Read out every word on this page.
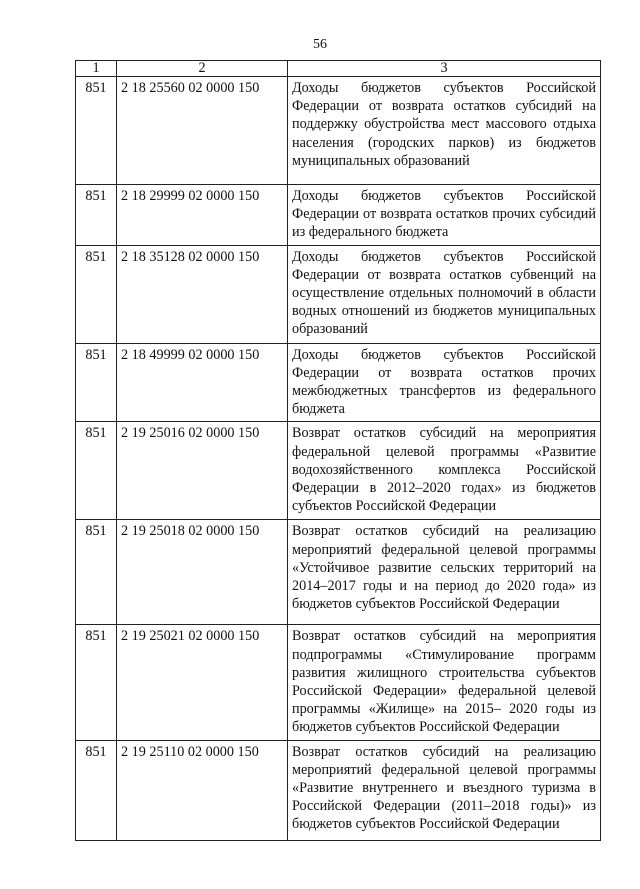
56
1	2	3
851	2 18 25560 02 0000 150	Доходы бюджетов субъектов Российской Федерации от возврата остатков субсидий на поддержку обустройства мест массового отдыха населения (городских парков) из бюджетов муниципальных образований
851	2 18 29999 02 0000 150	Доходы бюджетов субъектов Российской Федерации от возврата остатков прочих субсидий из федерального бюджета
851	2 18 35128 02 0000 150	Доходы бюджетов субъектов Российской Федерации от возврата остатков субвенций на осуществление отдельных полномочий в области водных отношений из бюджетов муниципальных образований
851	2 18 49999 02 0000 150	Доходы бюджетов субъектов Российской Федерации от возврата остатков прочих межбюджетных трансфертов из федерального бюджета
851	2 19 25016 02 0000 150	Возврат остатков субсидий на мероприятия федеральной целевой программы «Развитие водохозяйственного комплекса Российской Федерации в 2012–2020 годах» из бюджетов субъектов Российской Федерации
851	2 19 25018 02 0000 150	Возврат остатков субсидий на реализацию мероприятий федеральной целевой программы «Устойчивое развитие сельских территорий на 2014–2017 годы и на период до 2020 года» из бюджетов субъектов Российской Федерации
851	2 19 25021 02 0000 150	Возврат остатков субсидий на мероприятия подпрограммы «Стимулирование программ развития жилищного строительства субъектов Российской Федерации» федеральной целевой программы «Жилище» на 2015– 2020 годы из бюджетов субъектов Российской Федерации
851	2 19 25110 02 0000 150	Возврат остатков субсидий на реализацию мероприятий федеральной целевой программы «Развитие внутреннего и въездного туризма в Российской Федерации (2011–2018 годы)» из бюджетов субъектов Российской Федерации
